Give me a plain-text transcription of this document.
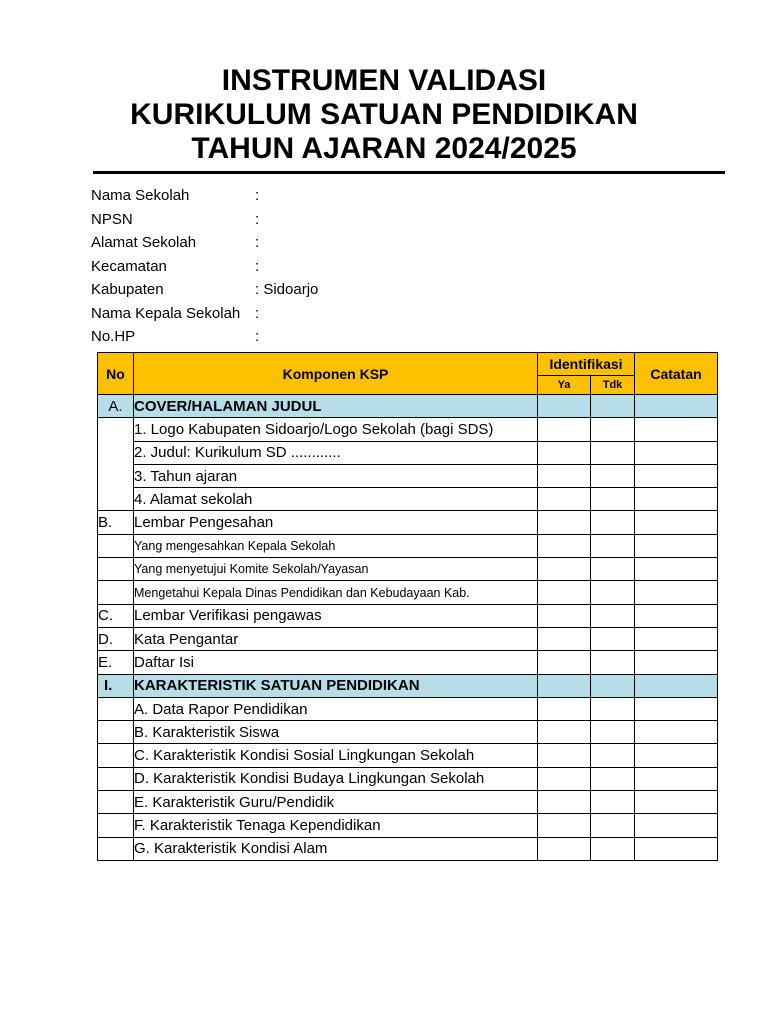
INSTRUMEN VALIDASI
KURIKULUM SATUAN PENDIDIKAN
TAHUN AJARAN 2024/2025
Nama Sekolah	:
NPSN	:
Alamat Sekolah	:
Kecamatan	:
Kabupaten	: Sidoarjo
Nama Kepala Sekolah :
No.HP	:
No	Komponen KSP	Identifikasi		Catatan
		Ya	Tdk	
A.	COVER/HALAMAN JUDUL			
	1. Logo Kabupaten Sidoarjo/Logo Sekolah (bagi SDS)			
	2. Judul: Kurikulum SD ............			
	3. Tahun ajaran			
	4. Alamat sekolah			
B.	Lembar Pengesahan			
	Yang mengesahkan Kepala Sekolah			
	Yang menyetujui Komite Sekolah/Yayasan			
	Mengetahui Kepala Dinas Pendidikan dan Kebudayaan Kab.			
C.	Lembar Verifikasi pengawas			
D.	Kata Pengantar			
E.	Daftar Isi			
I.	KARAKTERISTIK SATUAN PENDIDIKAN			
	A. Data Rapor Pendidikan			
	B. Karakteristik Siswa			
	C. Karakteristik Kondisi Sosial Lingkungan Sekolah			
	D. Karakteristik Kondisi Budaya Lingkungan Sekolah			
	E. Karakteristik Guru/Pendidik			
	F. Karakteristik Tenaga Kependidikan			
	G. Karakteristik Kondisi Alam			
